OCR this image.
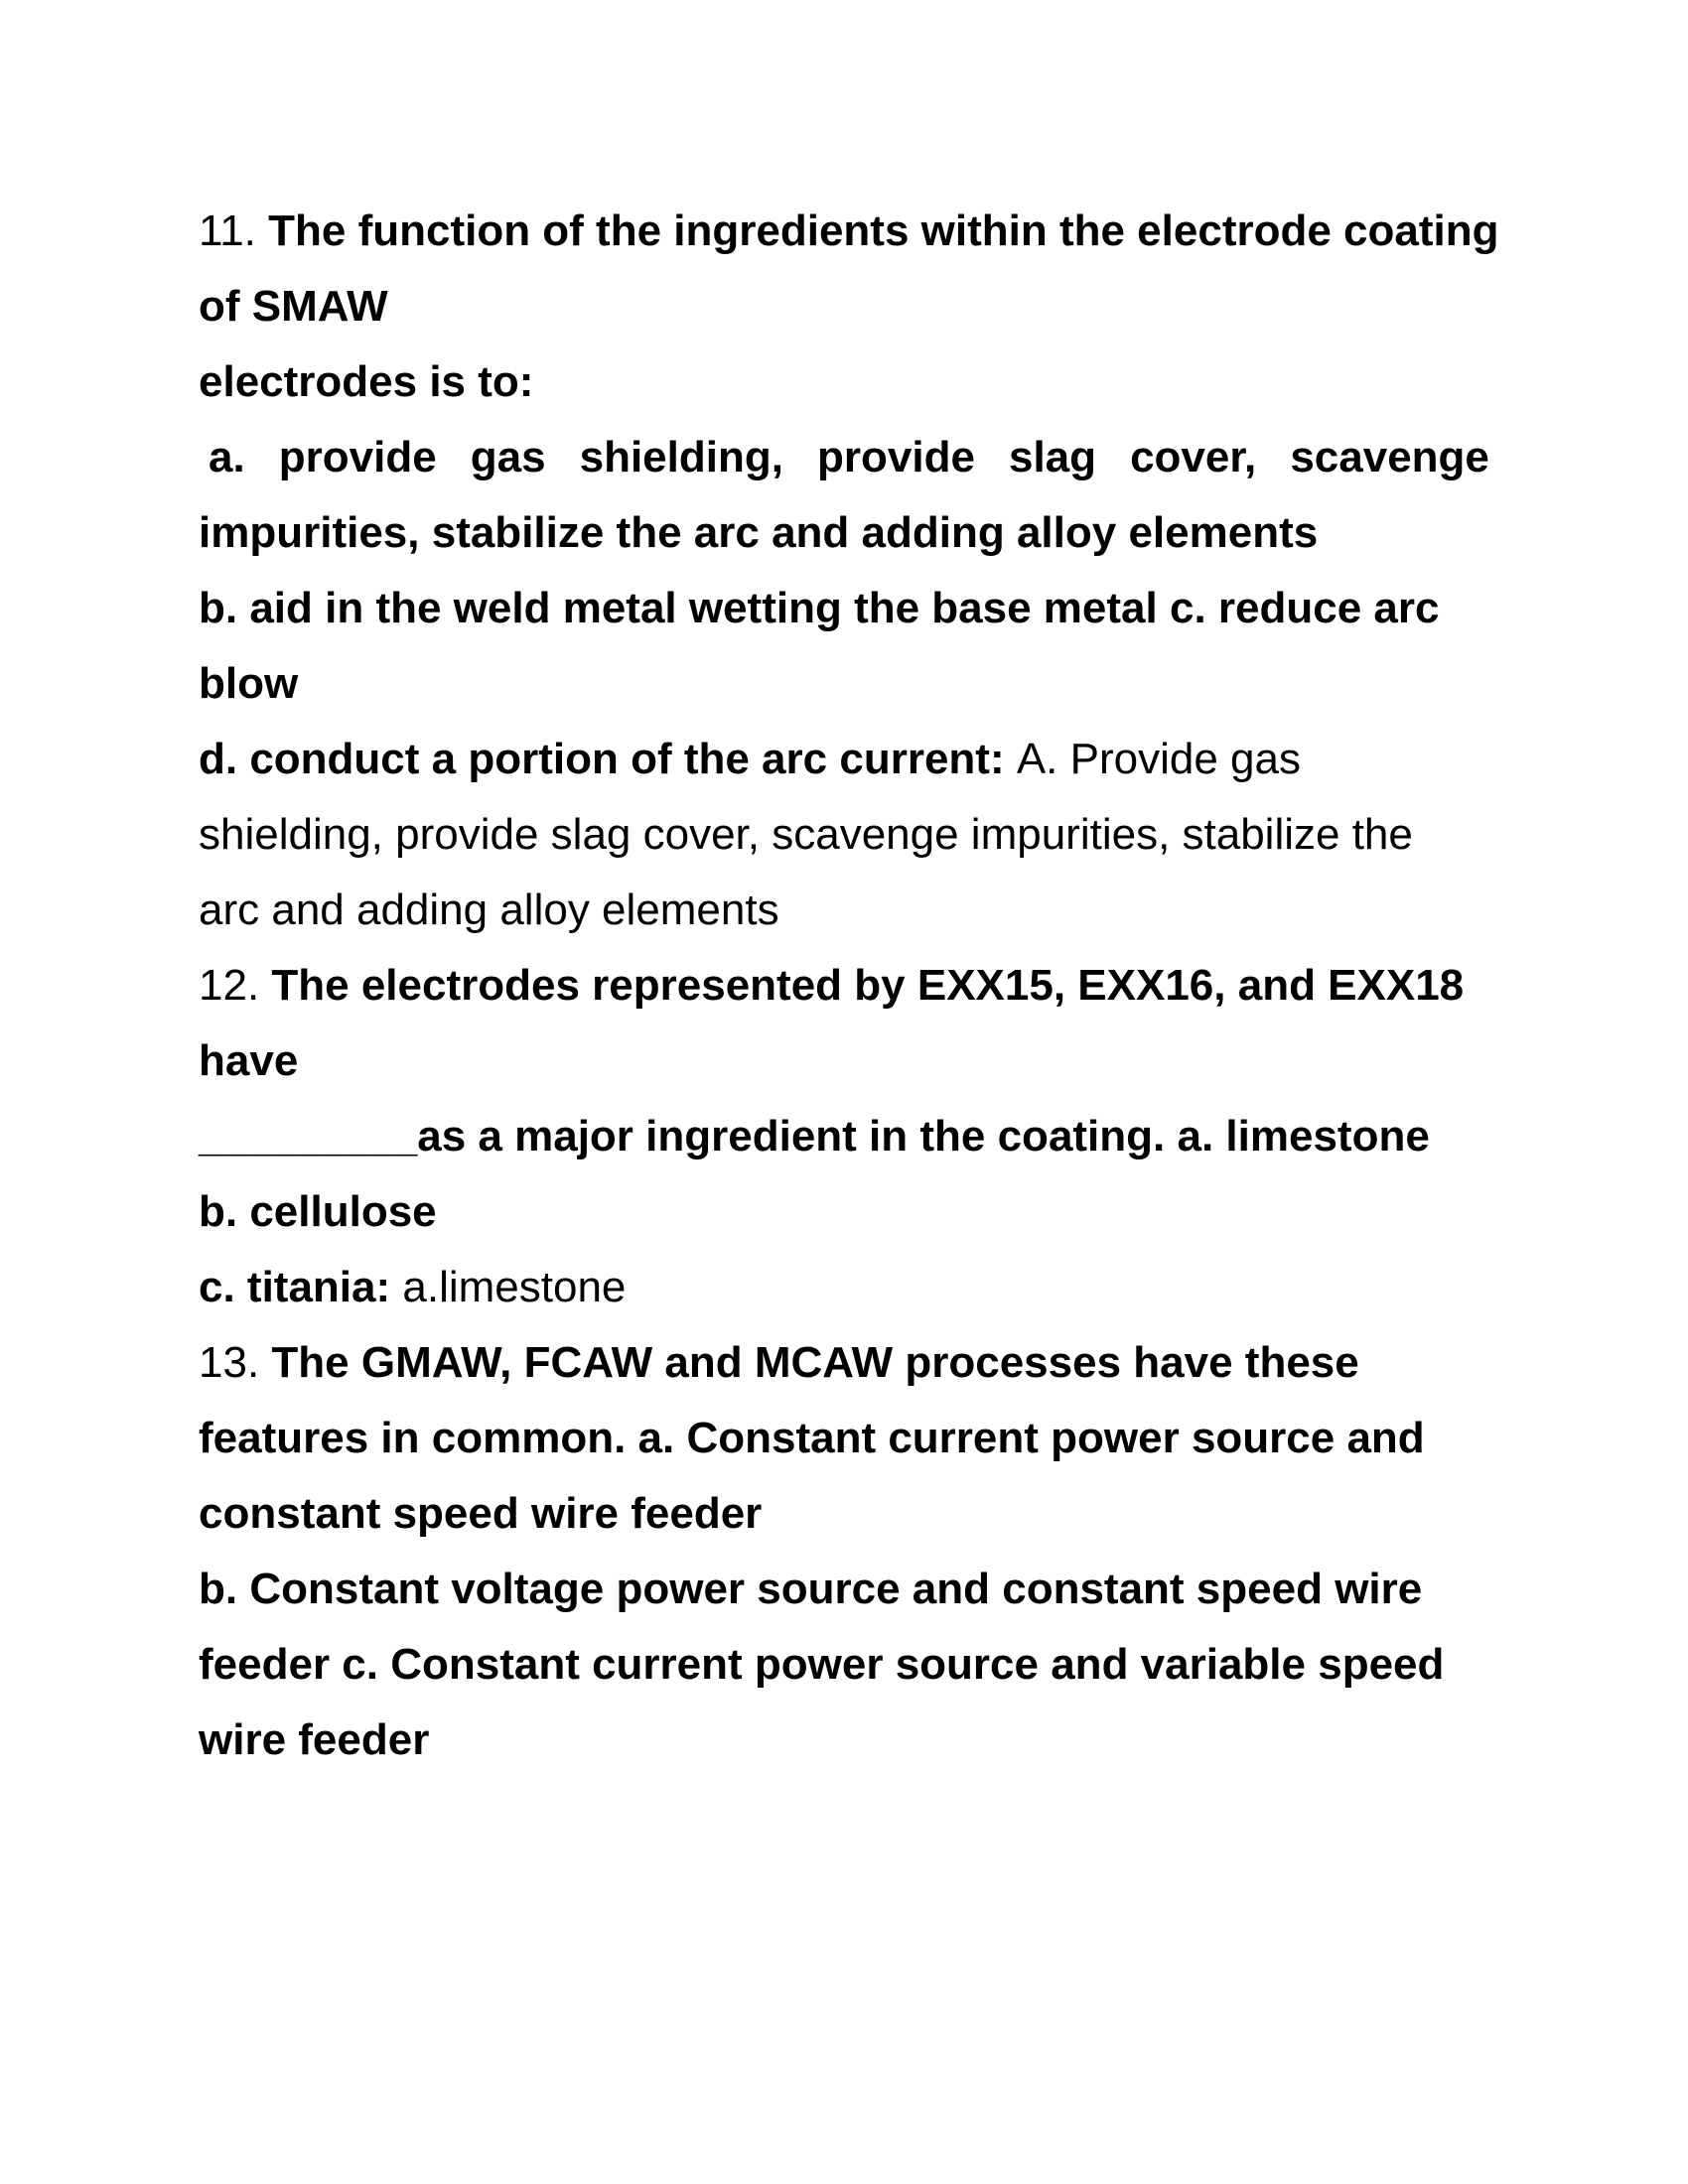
11. The function of the ingredients within the electrode coating
of SMAW
electrodes is to:
a. provide gas shielding, provide slag cover, scavenge
impurities, stabilize the arc and adding alloy elements
b. aid in the weld metal wetting the base metal c. reduce arc
blow
d. conduct a portion of the arc current: A. Provide gas
shielding, provide slag cover, scavenge impurities, stabilize the
arc and adding alloy elements
12. The electrodes represented by EXX15, EXX16, and EXX18
have
_________as a major ingredient in the coating. a. limestone
b. cellulose
c. titania: a.limestone
13. The GMAW, FCAW and MCAW processes have these
features in common. a. Constant current power source and
constant speed wire feeder
b. Constant voltage power source and constant speed wire
feeder c. Constant current power source and variable speed
wire feeder
